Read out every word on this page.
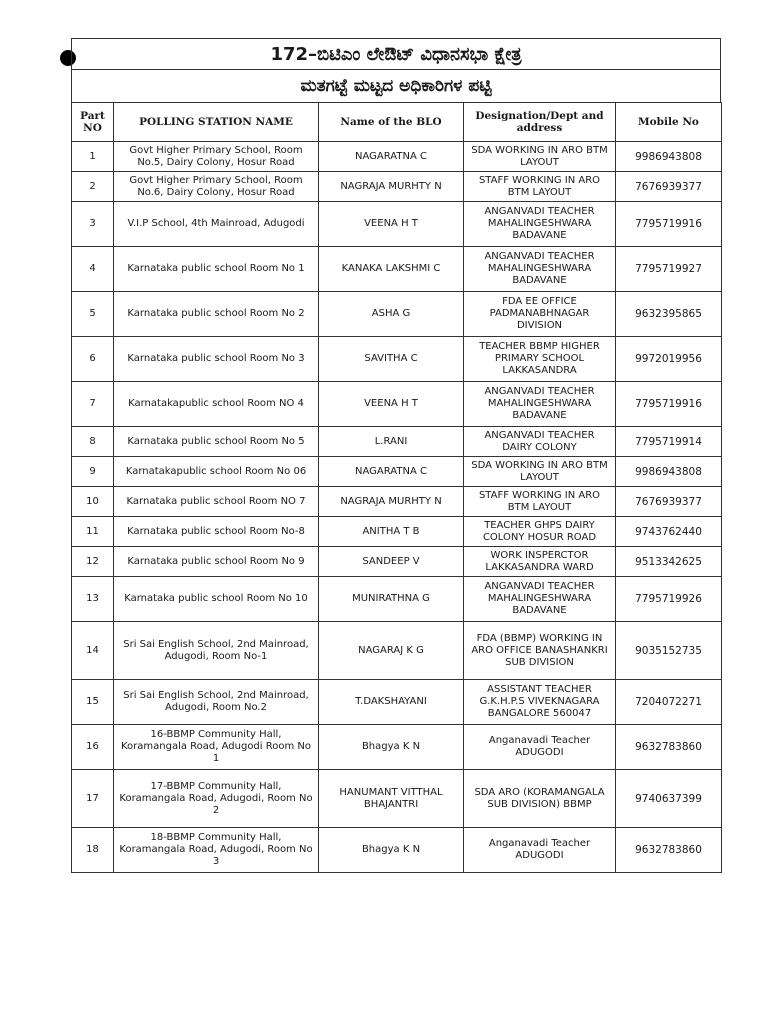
172–ಬಿಟಿಎಂ ಲೇಔಟ್ ವಿಧಾನಸಭಾ ಕ್ಷೇತ್ರ
ಮತಗಟ್ಟೆ ಮಟ್ಟದ ಅಧಿಕಾರಿಗಳ ಪಟ್ಟಿ
Part NO	POLLING STATION NAME	Name of the BLO	Designation/Dept and address	Mobile No
1	Govt Higher Primary School, Room No.5, Dairy Colony, Hosur Road	NAGARATNA C	SDA WORKING IN ARO BTM LAYOUT	9986943808
2	Govt Higher Primary School, Room No.6, Dairy Colony, Hosur Road	NAGRAJA MURHTY N	STAFF WORKING IN ARO BTM LAYOUT	7676939377
3	V.I.P School, 4th Mainroad, Adugodi	VEENA H T	ANGANVADI TEACHER MAHALINGESHWARA BADAVANE	7795719916
4	Karnataka public school Room No 1	KANAKA LAKSHMI C	ANGANVADI TEACHER MAHALINGESHWARA BADAVANE	7795719927
5	Karnataka public school Room No 2	ASHA G	FDA EE OFFICE PADMANABHNAGAR DIVISION	9632395865
6	Karnataka public school Room No 3	SAVITHA C	TEACHER BBMP HIGHER PRIMARY SCHOOL LAKKASANDRA	9972019956
7	Karnatakapublic school Room NO 4	VEENA H T	ANGANVADI TEACHER MAHALINGESHWARA BADAVANE	7795719916
8	Karnataka public school Room No 5	L.RANI	ANGANVADI TEACHER DAIRY COLONY	7795719914
9	Karnatakapublic school Room No 06	NAGARATNA C	SDA WORKING IN ARO BTM LAYOUT	9986943808
10	Karnataka public school Room NO 7	NAGRAJA MURHTY N	STAFF WORKING IN ARO BTM LAYOUT	7676939377
11	Karnataka public school Room No-8	ANITHA T B	TEACHER GHPS DAIRY COLONY HOSUR ROAD	9743762440
12	Karnataka public school Room No 9	SANDEEP V	WORK INSPERCTOR LAKKASANDRA WARD	9513342625
13	Karnataka public school Room No 10	MUNIRATHNA G	ANGANVADI TEACHER MAHALINGESHWARA BADAVANE	7795719926
14	Sri Sai English School, 2nd Mainroad, Adugodi, Room No-1	NAGARAJ K G	FDA (BBMP) WORKING IN ARO OFFICE BANASHANKRI SUB DIVISION	9035152735
15	Sri Sai English School, 2nd Mainroad, Adugodi, Room No.2	T.DAKSHAYANI	ASSISTANT TEACHER G.K.H.P.S VIVEKNAGARA BANGALORE 560047	7204072271
16	16-BBMP Community Hall, Koramangala Road, Adugodi Room No 1	Bhagya K N	Anganavadi Teacher ADUGODI	9632783860
17	17-BBMP Community Hall, Koramangala Road, Adugodi, Room No 2	HANUMANT VITTHAL BHAJANTRI	SDA ARO (KORAMANGALA SUB DIVISION) BBMP	9740637399
18	18-BBMP Community Hall, Koramangala Road, Adugodi, Room No 3	Bhagya K N	Anganavadi Teacher ADUGODI	9632783860
